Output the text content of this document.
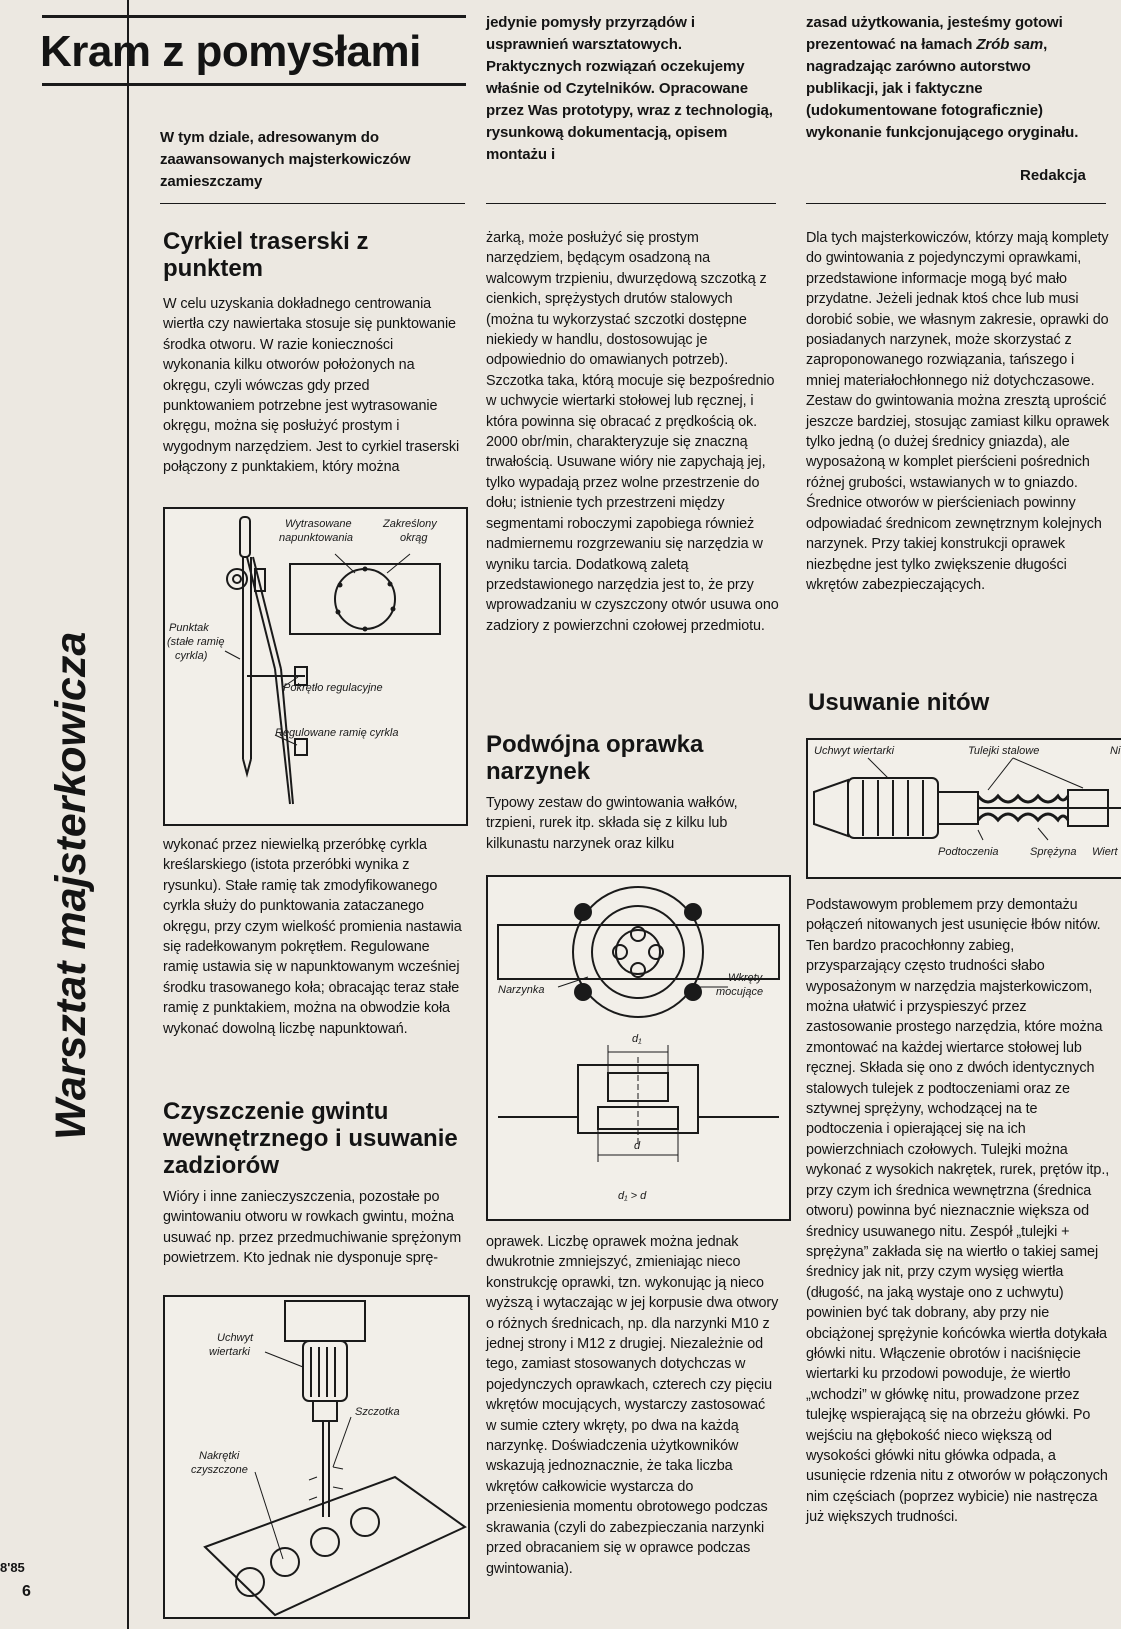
Warsztat majsterkowicza
8'85
6
Kram z pomysłami
W tym dziale, adresowanym do zaawansowanych majsterkowiczów zamieszczamy
jedynie pomysły przyrządów i usprawnień warsztatowych. Praktycznych rozwiązań oczekujemy właśnie od Czytelników. Opracowane przez Was prototypy, wraz z technologią, rysunkową dokumentacją, opisem montażu i
zasad użytkowania, jesteśmy gotowi prezentować na łamach Zrób sam, nagradzając zarówno autorstwo publikacji, jak i faktyczne (udokumentowane fotograficznie) wykonanie funkcjonującego oryginału.
Redakcja
Cyrkiel traserski z punktem
W celu uzyskania dokładnego centrowania wiertła czy nawiertaka stosuje się punktowanie środka otworu. W razie konieczności wykonania kilku otworów położonych na okręgu, czyli wówczas gdy przed punktowaniem potrzebne jest wytrasowanie okręgu, można się posłużyć prostym i wygodnym narzędziem. Jest to cyrkiel traserski połączony z punktakiem, który można
Wytrasowane
napunktowania
Zakreślony
okrąg
Punktak
(stałe ramię
cyrkla)
Pokrętło regulacyjne
Regulowane ramię cyrkla
wykonać przez niewielką przeróbkę cyrkla kreślarskiego (istota przeróbki wynika z rysunku). Stałe ramię tak zmodyfikowanego cyrkla służy do punktowania zataczanego okręgu, przy czym wielkość promienia nastawia się radełkowanym pokrętłem. Regulowane ramię ustawia się w napunktowanym wcześniej środku trasowanego koła; obracając teraz stałe ramię z punktakiem, można na obwodzie koła wykonać dowolną liczbę napunktowań.
Czyszczenie gwintu wewnętrznego i usuwanie zadziorów
Wióry i inne zanieczyszczenia, pozostałe po gwintowaniu otworu w rowkach gwintu, można usuwać np. przez przedmuchiwanie sprężonym powietrzem. Kto jednak nie dysponuje sprę-
Uchwyt
wiertarki
Szczotka
Nakrętki
czyszczone
żarką, może posłużyć się prostym narzędziem, będącym osadzoną na walcowym trzpieniu, dwurzędową szczotką z cienkich, sprężystych drutów stalowych (można tu wykorzystać szczotki dostępne niekiedy w handlu, dostosowując je odpowiednio do omawianych potrzeb). Szczotka taka, którą mocuje się bezpośrednio w uchwycie wiertarki stołowej lub ręcznej, i która powinna się obracać z prędkością ok. 2000 obr/min, charakteryzuje się znaczną trwałością. Usuwane wióry nie zapychają jej, tylko wypadają przez wolne przestrzenie do dołu; istnienie tych przestrzeni między segmentami roboczymi zapobiega również nadmiernemu rozgrzewaniu się narzędzia w wyniku tarcia. Dodatkową zaletą przedstawionego narzędzia jest to, że przy wprowadzaniu w czyszczony otwór usuwa ono zadziory z powierzchni czołowej przedmiotu.
Podwójna oprawka narzynek
Typowy zestaw do gwintowania wałków, trzpieni, rurek itp. składa się z kilku lub kilkunastu narzynek oraz kilku
Narzynka
Wkręty
mocujące
d₁
d
d₁ > d
oprawek. Liczbę oprawek można jednak dwukrotnie zmniejszyć, zmieniając nieco konstrukcję oprawki, tzn. wykonując ją nieco wyższą i wytaczając w jej korpusie dwa otwory o różnych średnicach, np. dla narzynki M10 z jednej strony i M12 z drugiej. Niezależnie od tego, zamiast stosowanych dotychczas w pojedynczych oprawkach, czterech czy pięciu wkrętów mocujących, wystarczy zastosować w sumie cztery wkręty, po dwa na każdą narzynkę. Doświadczenia użytkowników wskazują jednoznacznie, że taka liczba wkrętów całkowicie wystarcza do przeniesienia momentu obrotowego podczas skrawania (czyli do zabezpieczania narzynki przed obracaniem się w oprawce podczas gwintowania).
Dla tych majsterkowiczów, którzy mają komplety do gwintowania z pojedynczymi oprawkami, przedstawione informacje mogą być mało przydatne. Jeżeli jednak ktoś chce lub musi dorobić sobie, we własnym zakresie, oprawki do posiadanych narzynek, może skorzystać z zaproponowanego rozwiązania, tańszego i mniej materiałochłonnego niż dotychczasowe. Zestaw do gwintowania można zresztą uprościć jeszcze bardziej, stosując zamiast kilku oprawek tylko jedną (o dużej średnicy gniazda), ale wyposażoną w komplet pierścieni pośrednich różnej grubości, wstawianych w to gniazdo. Średnice otworów w pierścieniach powinny odpowiadać średnicom zewnętrznym kolejnych narzynek. Przy takiej konstrukcji oprawek niezbędne jest tylko zwiększenie długości wkrętów zabezpieczających.
Usuwanie nitów
Uchwyt wiertarki	Tulejki stalowe	Ni
Podtoczenia	Sprężyna Wiert
Podstawowym problemem przy demontażu połączeń nitowanych jest usunięcie łbów nitów. Ten bardzo pracochłonny zabieg, przysparzający często trudności słabo wyposażonym w narzędzia majsterkowiczom, można ułatwić i przyspieszyć przez zastosowanie prostego narzędzia, które można zmontować na każdej wiertarce stołowej lub ręcznej. Składa się ono z dwóch identycznych stalowych tulejek z podtoczeniami oraz ze sztywnej sprężyny, wchodzącej na te podtoczenia i opierającej się na ich powierzchniach czołowych. Tulejki można wykonać z wysokich nakrętek, rurek, prętów itp., przy czym ich średnica wewnętrzna (średnica otworu) powinna być nieznacznie większa od średnicy usuwanego nitu. Zespół „tulejki + sprężyna” zakłada się na wiertło o takiej samej średnicy jak nit, przy czym wysięg wiertła (długość, na jaką wystaje ono z uchwytu) powinien być tak dobrany, aby przy nie obciążonej sprężynie końcówka wiertła dotykała główki nitu. Włączenie obrotów i naciśnięcie wiertarki ku przodowi powoduje, że wiertło „wchodzi” w główkę nitu, prowadzone przez tulejkę wspierającą się na obrzeżu główki. Po wejściu na głębokość nieco większą od wysokości główki nitu główka odpada, a usunięcie rdzenia nitu z otworów w połączonych nim częściach (poprzez wybicie) nie nastręcza już większych trudności.
